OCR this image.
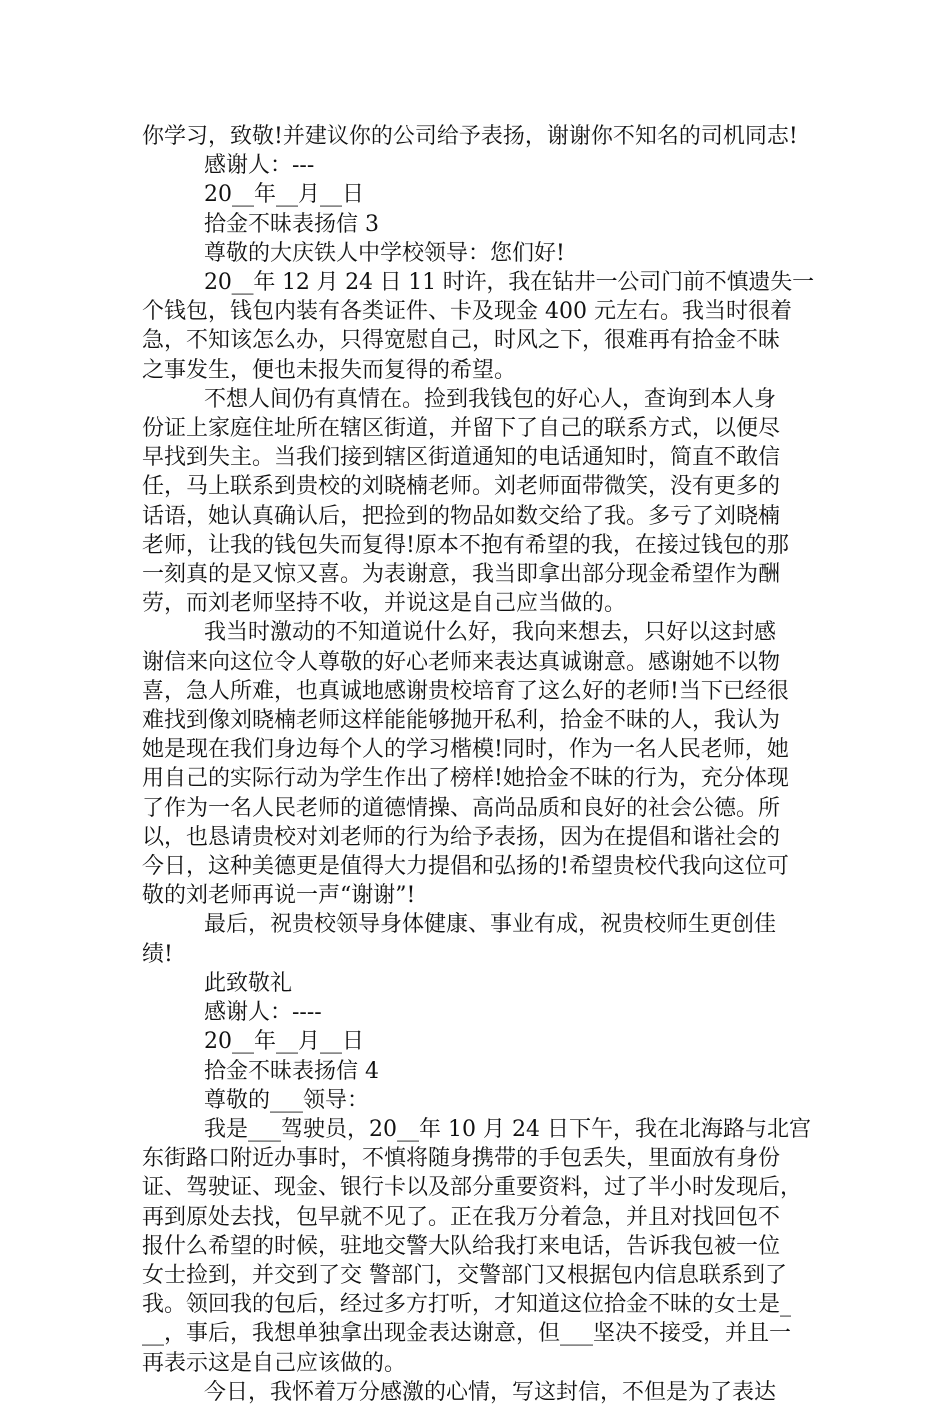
你学习，致敬!并建议你的公司给予表扬，谢谢你不知名的司机同志!
感谢人：---
20__年__月__日
拾金不昧表扬信 3
尊敬的大庆铁人中学校领导：您们好!
20__年 12 月 24 日 11 时许，我在钻井一公司门前不慎遗失一
个钱包，钱包内装有各类证件、卡及现金 400 元左右。我当时很着
急，不知该怎么办，只得宽慰自己，时风之下，很难再有拾金不昧
之事发生，便也未报失而复得的希望。
不想人间仍有真情在。捡到我钱包的好心人，查询到本人身
份证上家庭住址所在辖区街道，并留下了自己的联系方式，以便尽
早找到失主。当我们接到辖区街道通知的电话通知时，简直不敢信
任，马上联系到贵校的刘晓楠老师。刘老师面带微笑，没有更多的
话语，她认真确认后，把捡到的物品如数交给了我。多亏了刘晓楠
老师，让我的钱包失而复得!原本不抱有希望的我，在接过钱包的那
一刻真的是又惊又喜。为表谢意，我当即拿出部分现金希望作为酬
劳，而刘老师坚持不收，并说这是自己应当做的。
我当时激动的不知道说什么好，我向来想去，只好以这封感
谢信来向这位令人尊敬的好心老师来表达真诚谢意。感谢她不以物
喜，急人所难，也真诚地感谢贵校培育了这么好的老师!当下已经很
难找到像刘晓楠老师这样能能够抛开私利，拾金不昧的人，我认为
她是现在我们身边每个人的学习楷模!同时，作为一名人民老师，她
用自己的实际行动为学生作出了榜样!她拾金不昧的行为，充分体现
了作为一名人民老师的道德情操、高尚品质和良好的社会公德。所
以，也恳请贵校对刘老师的行为给予表扬，因为在提倡和谐社会的
今日，这种美德更是值得大力提倡和弘扬的!希望贵校代我向这位可
敬的刘老师再说一声“谢谢”!
最后，祝贵校领导身体健康、事业有成，祝贵校师生更创佳
绩!
此致敬礼
感谢人：----
20__年__月__日
拾金不昧表扬信 4
尊敬的___领导：
我是___驾驶员，20__年 10 月 24 日下午，我在北海路与北宫
东街路口附近办事时，不慎将随身携带的手包丢失，里面放有身份
证、驾驶证、现金、银行卡以及部分重要资料，过了半小时发现后，
再到原处去找，包早就不见了。正在我万分着急，并且对找回包不
报什么希望的时候，驻地交警大队给我打来电话，告诉我包被一位
女士捡到，并交到了交 警部门，交警部门又根据包内信息联系到了
我。领回我的包后，经过多方打听，才知道这位拾金不昧的女士是_
__，事后，我想单独拿出现金表达谢意，但___坚决不接受，并且一
再表示这是自己应该做的。
今日，我怀着万分感激的心情，写这封信，不但是为了表达
